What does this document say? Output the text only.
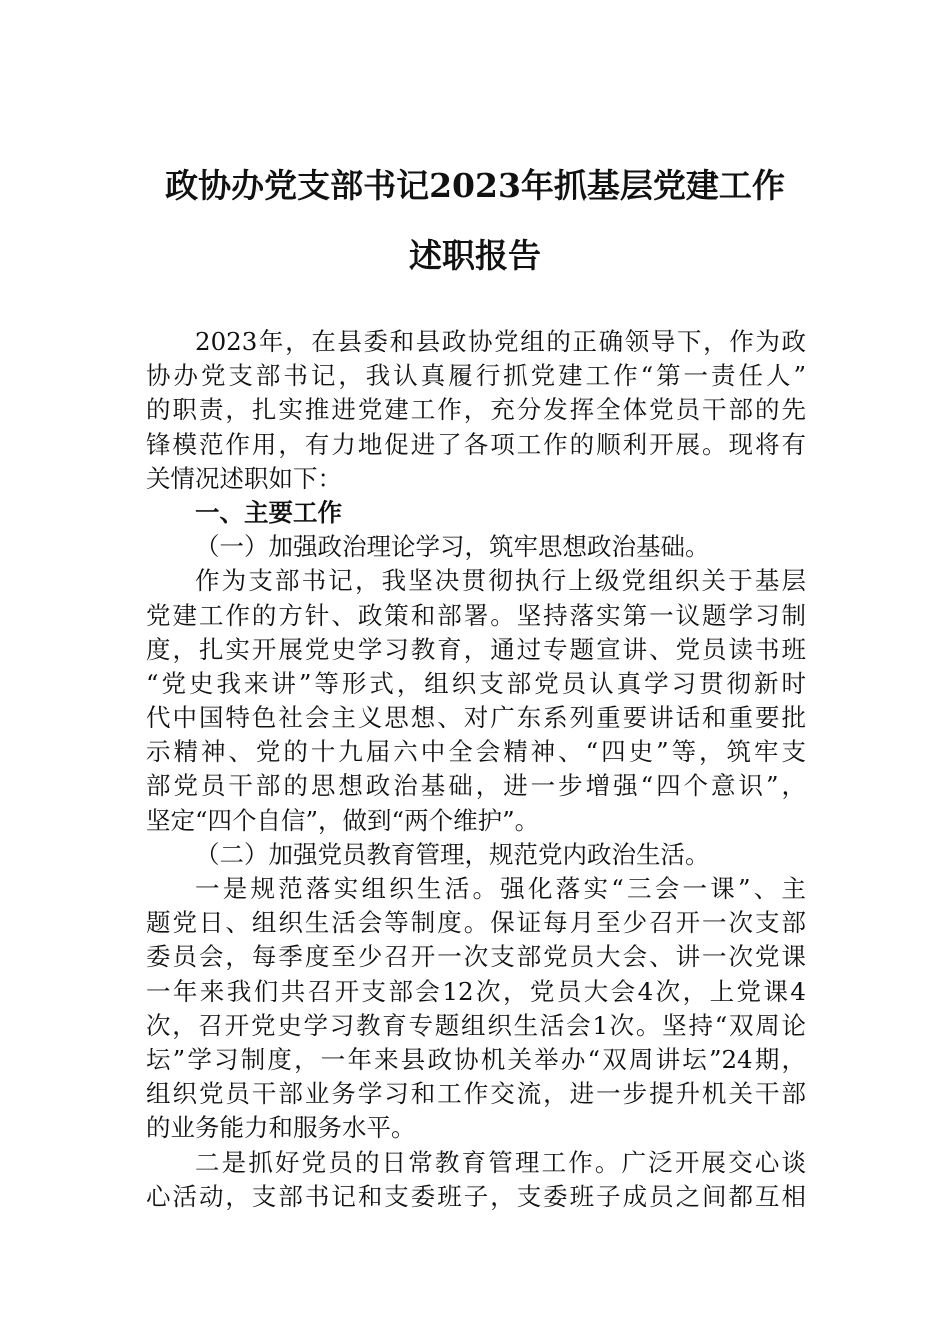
政协办党支部书记2023年抓基层党建工作
述职报告
2023年，在县委和县政协党组的正确领导下，作为政
协办党支部书记，我认真履行抓党建工作“第一责任人”
的职责，扎实推进党建工作，充分发挥全体党员干部的先
锋模范作用，有力地促进了各项工作的顺利开展。现将有
关情况述职如下：
一、主要工作
（一）加强政治理论学习，筑牢思想政治基础。
作为支部书记，我坚决贯彻执行上级党组织关于基层
党建工作的方针、政策和部署。坚持落实第一议题学习制
度，扎实开展党史学习教育，通过专题宣讲、党员读书班
“党史我来讲”等形式，组织支部党员认真学习贯彻新时
代中国特色社会主义思想、对广东系列重要讲话和重要批
示精神、党的十九届六中全会精神、“四史”等，筑牢支
部党员干部的思想政治基础，进一步增强“四个意识”，
坚定“四个自信”，做到“两个维护”。
（二）加强党员教育管理，规范党内政治生活。
一是规范落实组织生活。强化落实“三会一课”、主
题党日、组织生活会等制度。保证每月至少召开一次支部
委员会，每季度至少召开一次支部党员大会、讲一次党课
一年来我们共召开支部会12次，党员大会4次，上党课4
次，召开党史学习教育专题组织生活会1次。坚持“双周论
坛”学习制度，一年来县政协机关举办“双周讲坛”24期，
组织党员干部业务学习和工作交流，进一步提升机关干部
的业务能力和服务水平。
二是抓好党员的日常教育管理工作。广泛开展交心谈
心活动，支部书记和支委班子，支委班子成员之间都互相
